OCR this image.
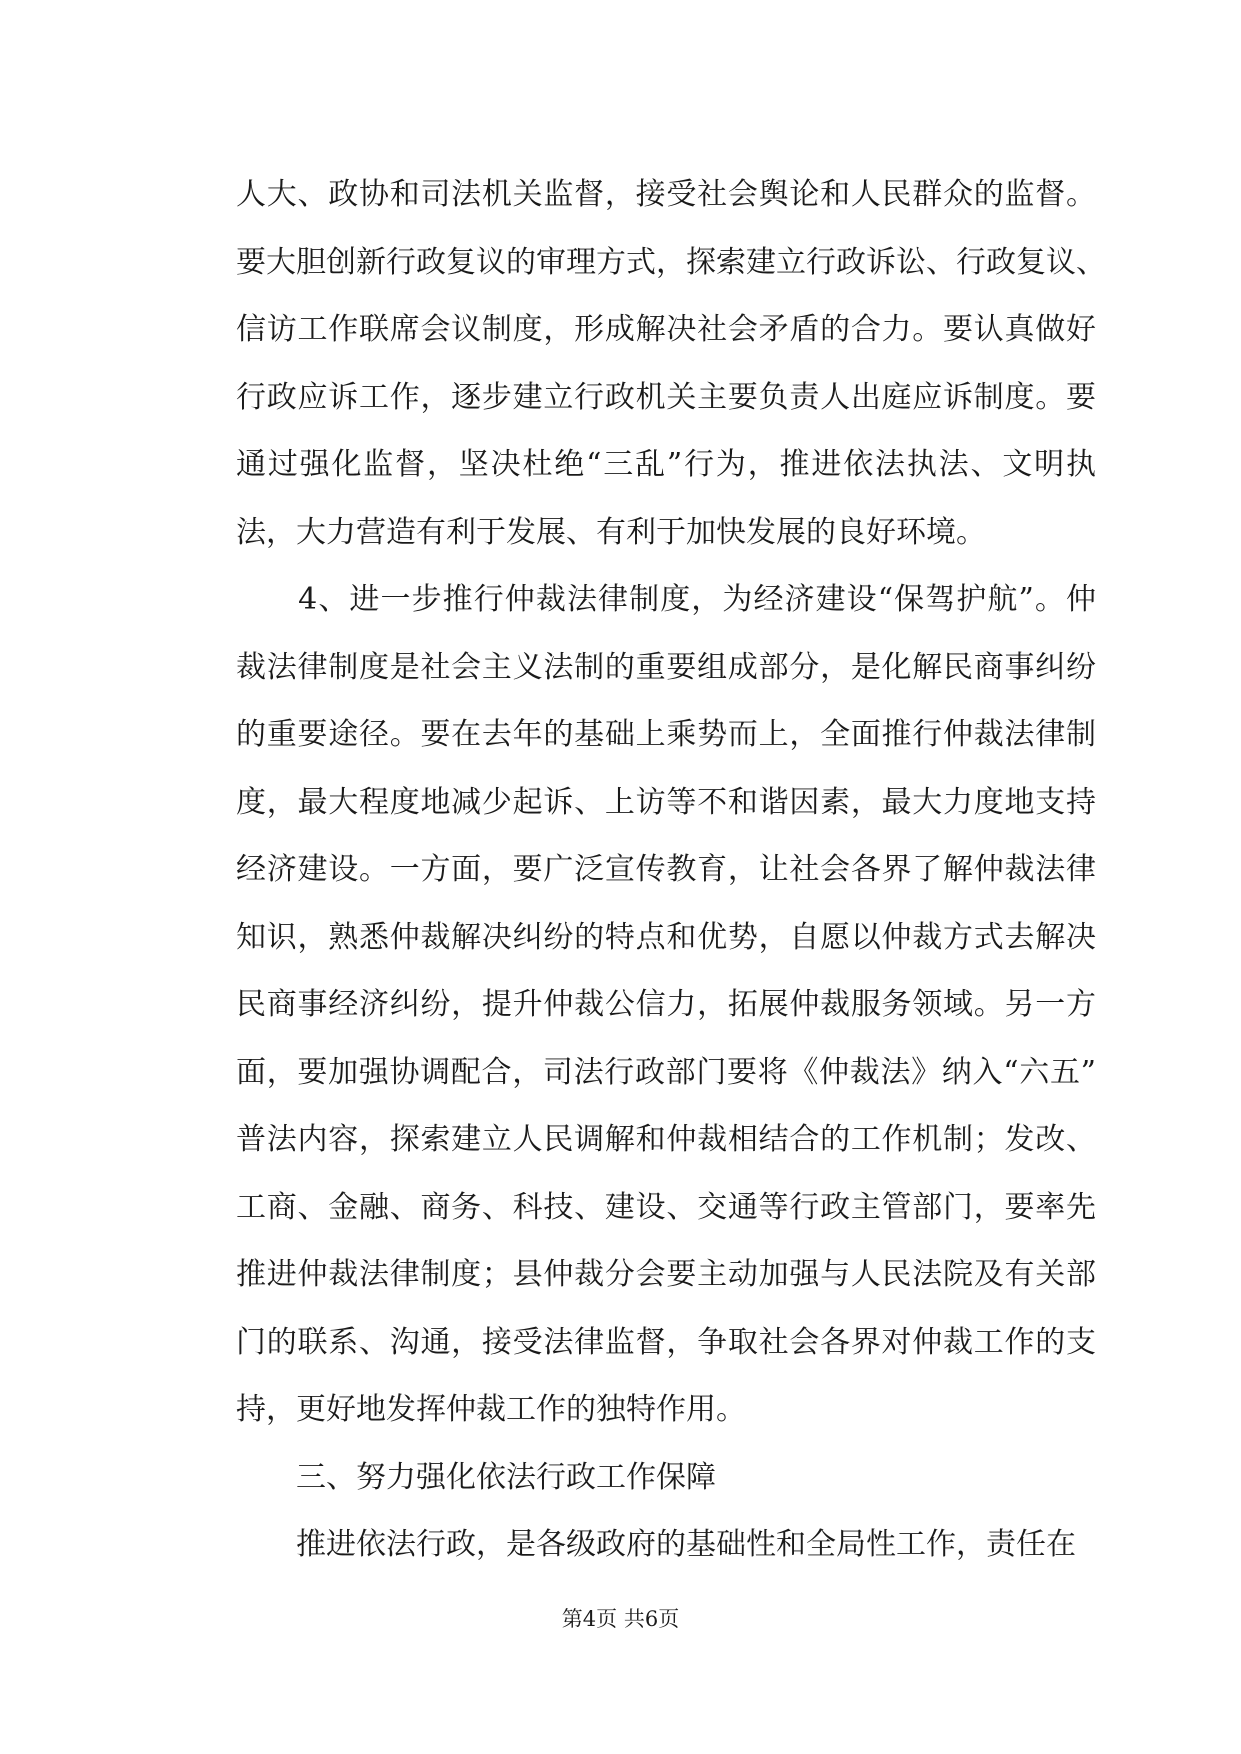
人大、政协和司法机关监督，接受社会舆论和人民群众的监督。
要大胆创新行政复议的审理方式，探索建立行政诉讼、行政复议、
信访工作联席会议制度，形成解决社会矛盾的合力。要认真做好
行政应诉工作，逐步建立行政机关主要负责人出庭应诉制度。要
通过强化监督，坚决杜绝“三乱”行为，推进依法执法、文明执
法，大力营造有利于发展、有利于加快发展的良好环境。
　　4、进一步推行仲裁法律制度，为经济建设“保驾护航”。仲
裁法律制度是社会主义法制的重要组成部分，是化解民商事纠纷
的重要途径。要在去年的基础上乘势而上，全面推行仲裁法律制
度，最大程度地减少起诉、上访等不和谐因素，最大力度地支持
经济建设。一方面，要广泛宣传教育，让社会各界了解仲裁法律
知识，熟悉仲裁解决纠纷的特点和优势，自愿以仲裁方式去解决
民商事经济纠纷，提升仲裁公信力，拓展仲裁服务领域。另一方
面，要加强协调配合，司法行政部门要将《仲裁法》纳入“六五”
普法内容，探索建立人民调解和仲裁相结合的工作机制；发改、
工商、金融、商务、科技、建设、交通等行政主管部门，要率先
推进仲裁法律制度；县仲裁分会要主动加强与人民法院及有关部
门的联系、沟通，接受法律监督，争取社会各界对仲裁工作的支
持，更好地发挥仲裁工作的独特作用。
　　三、努力强化依法行政工作保障
　　推进依法行政，是各级政府的基础性和全局性工作，责任在
第4页 共6页
